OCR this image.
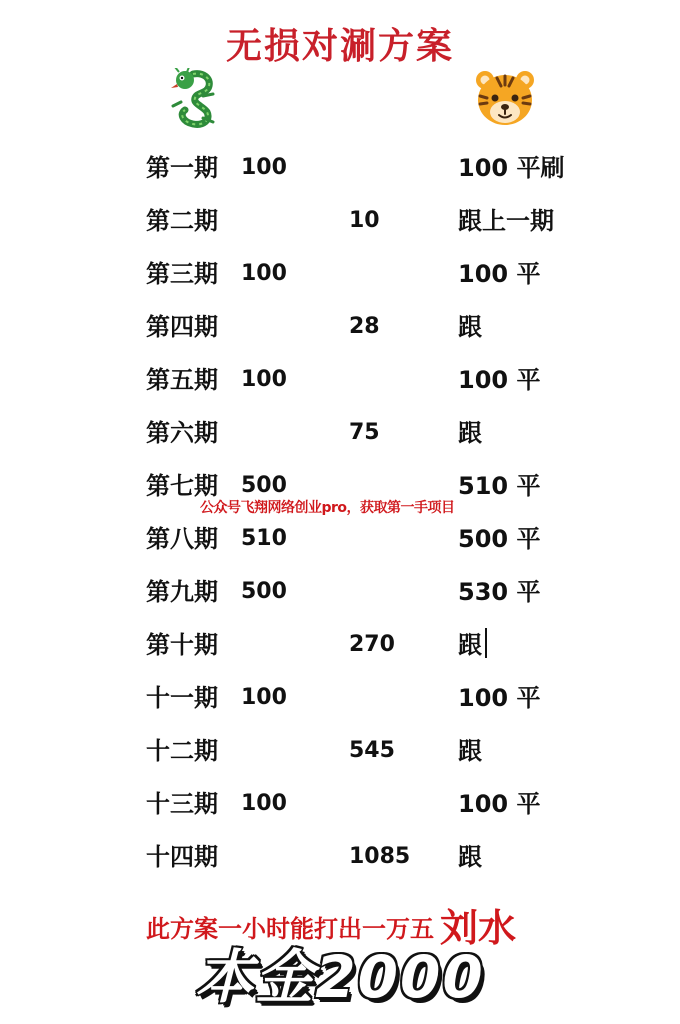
无损对涮方案
第一期 100	100 平刷
第二期	10	跟上一期
第三期 100	100 平
第四期	28	跟
第五期 100	100 平
第六期	75	跟
第七期 500	510 平
第八期 510	500 平
第九期 500	530 平
第十期	270	跟
十一期 100	100 平
十二期	545	跟
十三期 100	100 平
十四期	1085 跟
公众号飞翔网络创业pro，获取第一手项目
此方案一小时能打出一万五 刘水
本金2000
